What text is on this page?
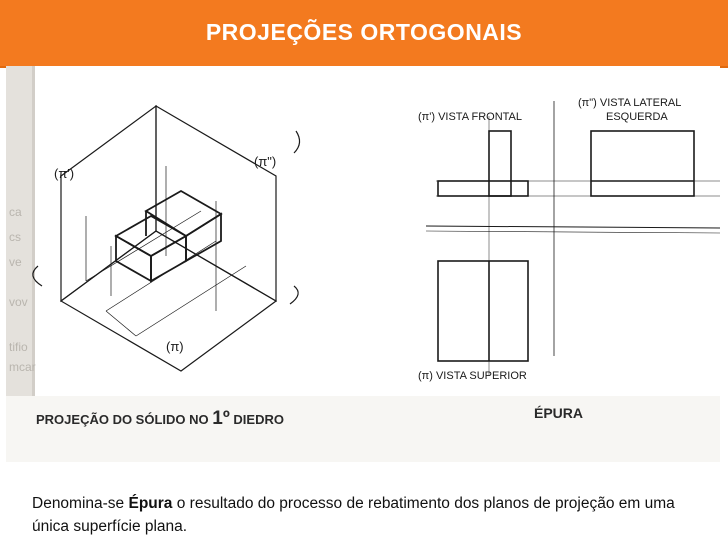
PROJEÇÕES ORTOGONAIS
(π')
(π")
(π)
ca
cs
ve
vov
tifio
mcar
(π') VISTA FRONTAL
(π") VISTA LATERAL
ESQUERDA
(π) VISTA SUPERIOR
PROJEÇÃO DO SÓLIDO NO 1º DIEDRO	ÉPURA

Denomina-se Épura o resultado do processo de rebatimento dos planos de projeção em uma única superfície plana.
